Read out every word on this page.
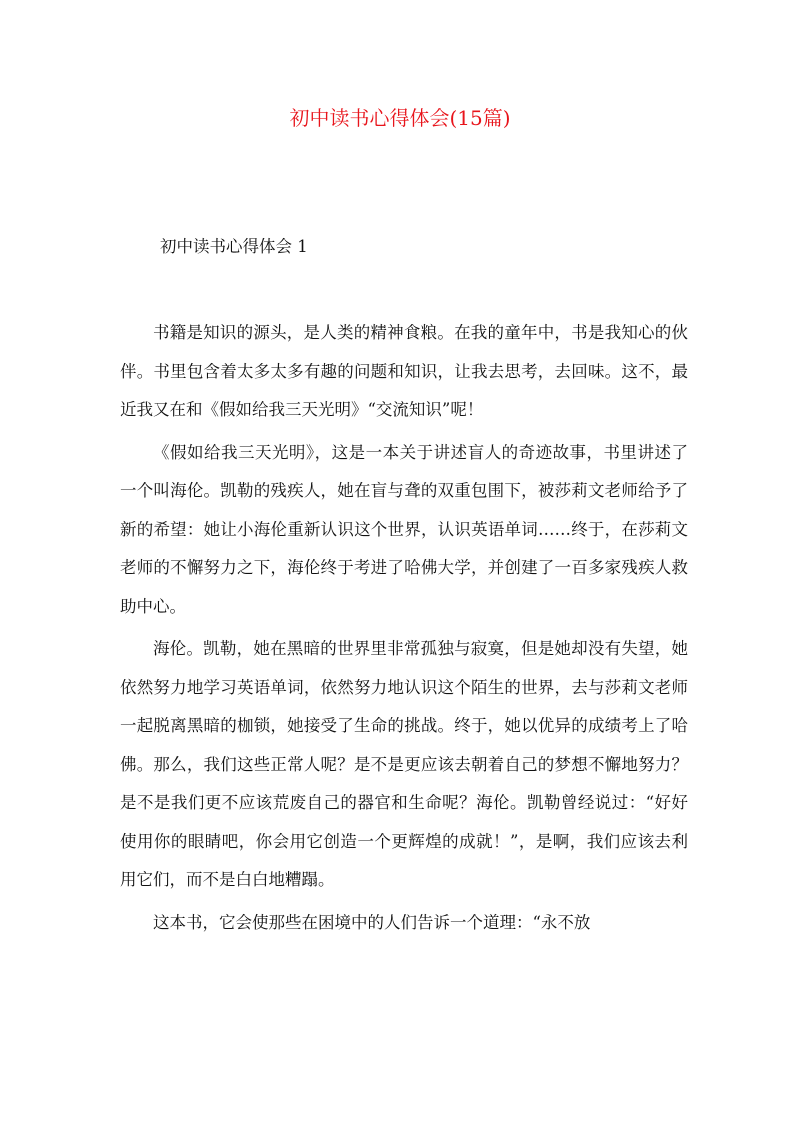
初中读书心得体会(15篇)
初中读书心得体会 1

书籍是知识的源头，是人类的精神食粮。在我的童年中，书是我知心的伙伴。书里包含着太多太多有趣的问题和知识，让我去思考，去回味。这不，最近我又在和《假如给我三天光明》“交流知识”呢！

《假如给我三天光明》，这是一本关于讲述盲人的奇迹故事，书里讲述了一个叫海伦。凯勒的残疾人，她在盲与聋的双重包围下，被莎莉文老师给予了新的希望：她让小海伦重新认识这个世界，认识英语单词……终于，在莎莉文老师的不懈努力之下，海伦终于考进了哈佛大学，并创建了一百多家残疾人救助中心。

海伦。凯勒，她在黑暗的世界里非常孤独与寂寞，但是她却没有失望，她依然努力地学习英语单词，依然努力地认识这个陌生的世界，去与莎莉文老师一起脱离黑暗的枷锁，她接受了生命的挑战。终于，她以优异的成绩考上了哈佛。那么，我们这些正常人呢？是不是更应该去朝着自己的梦想不懈地努力？是不是我们更不应该荒废自己的器官和生命呢？海伦。凯勒曾经说过：“好好使用你的眼睛吧，你会用它创造一个更辉煌的成就！”，是啊，我们应该去利用它们，而不是白白地糟蹋。

这本书，它会使那些在困境中的人们告诉一个道理：“永不放
